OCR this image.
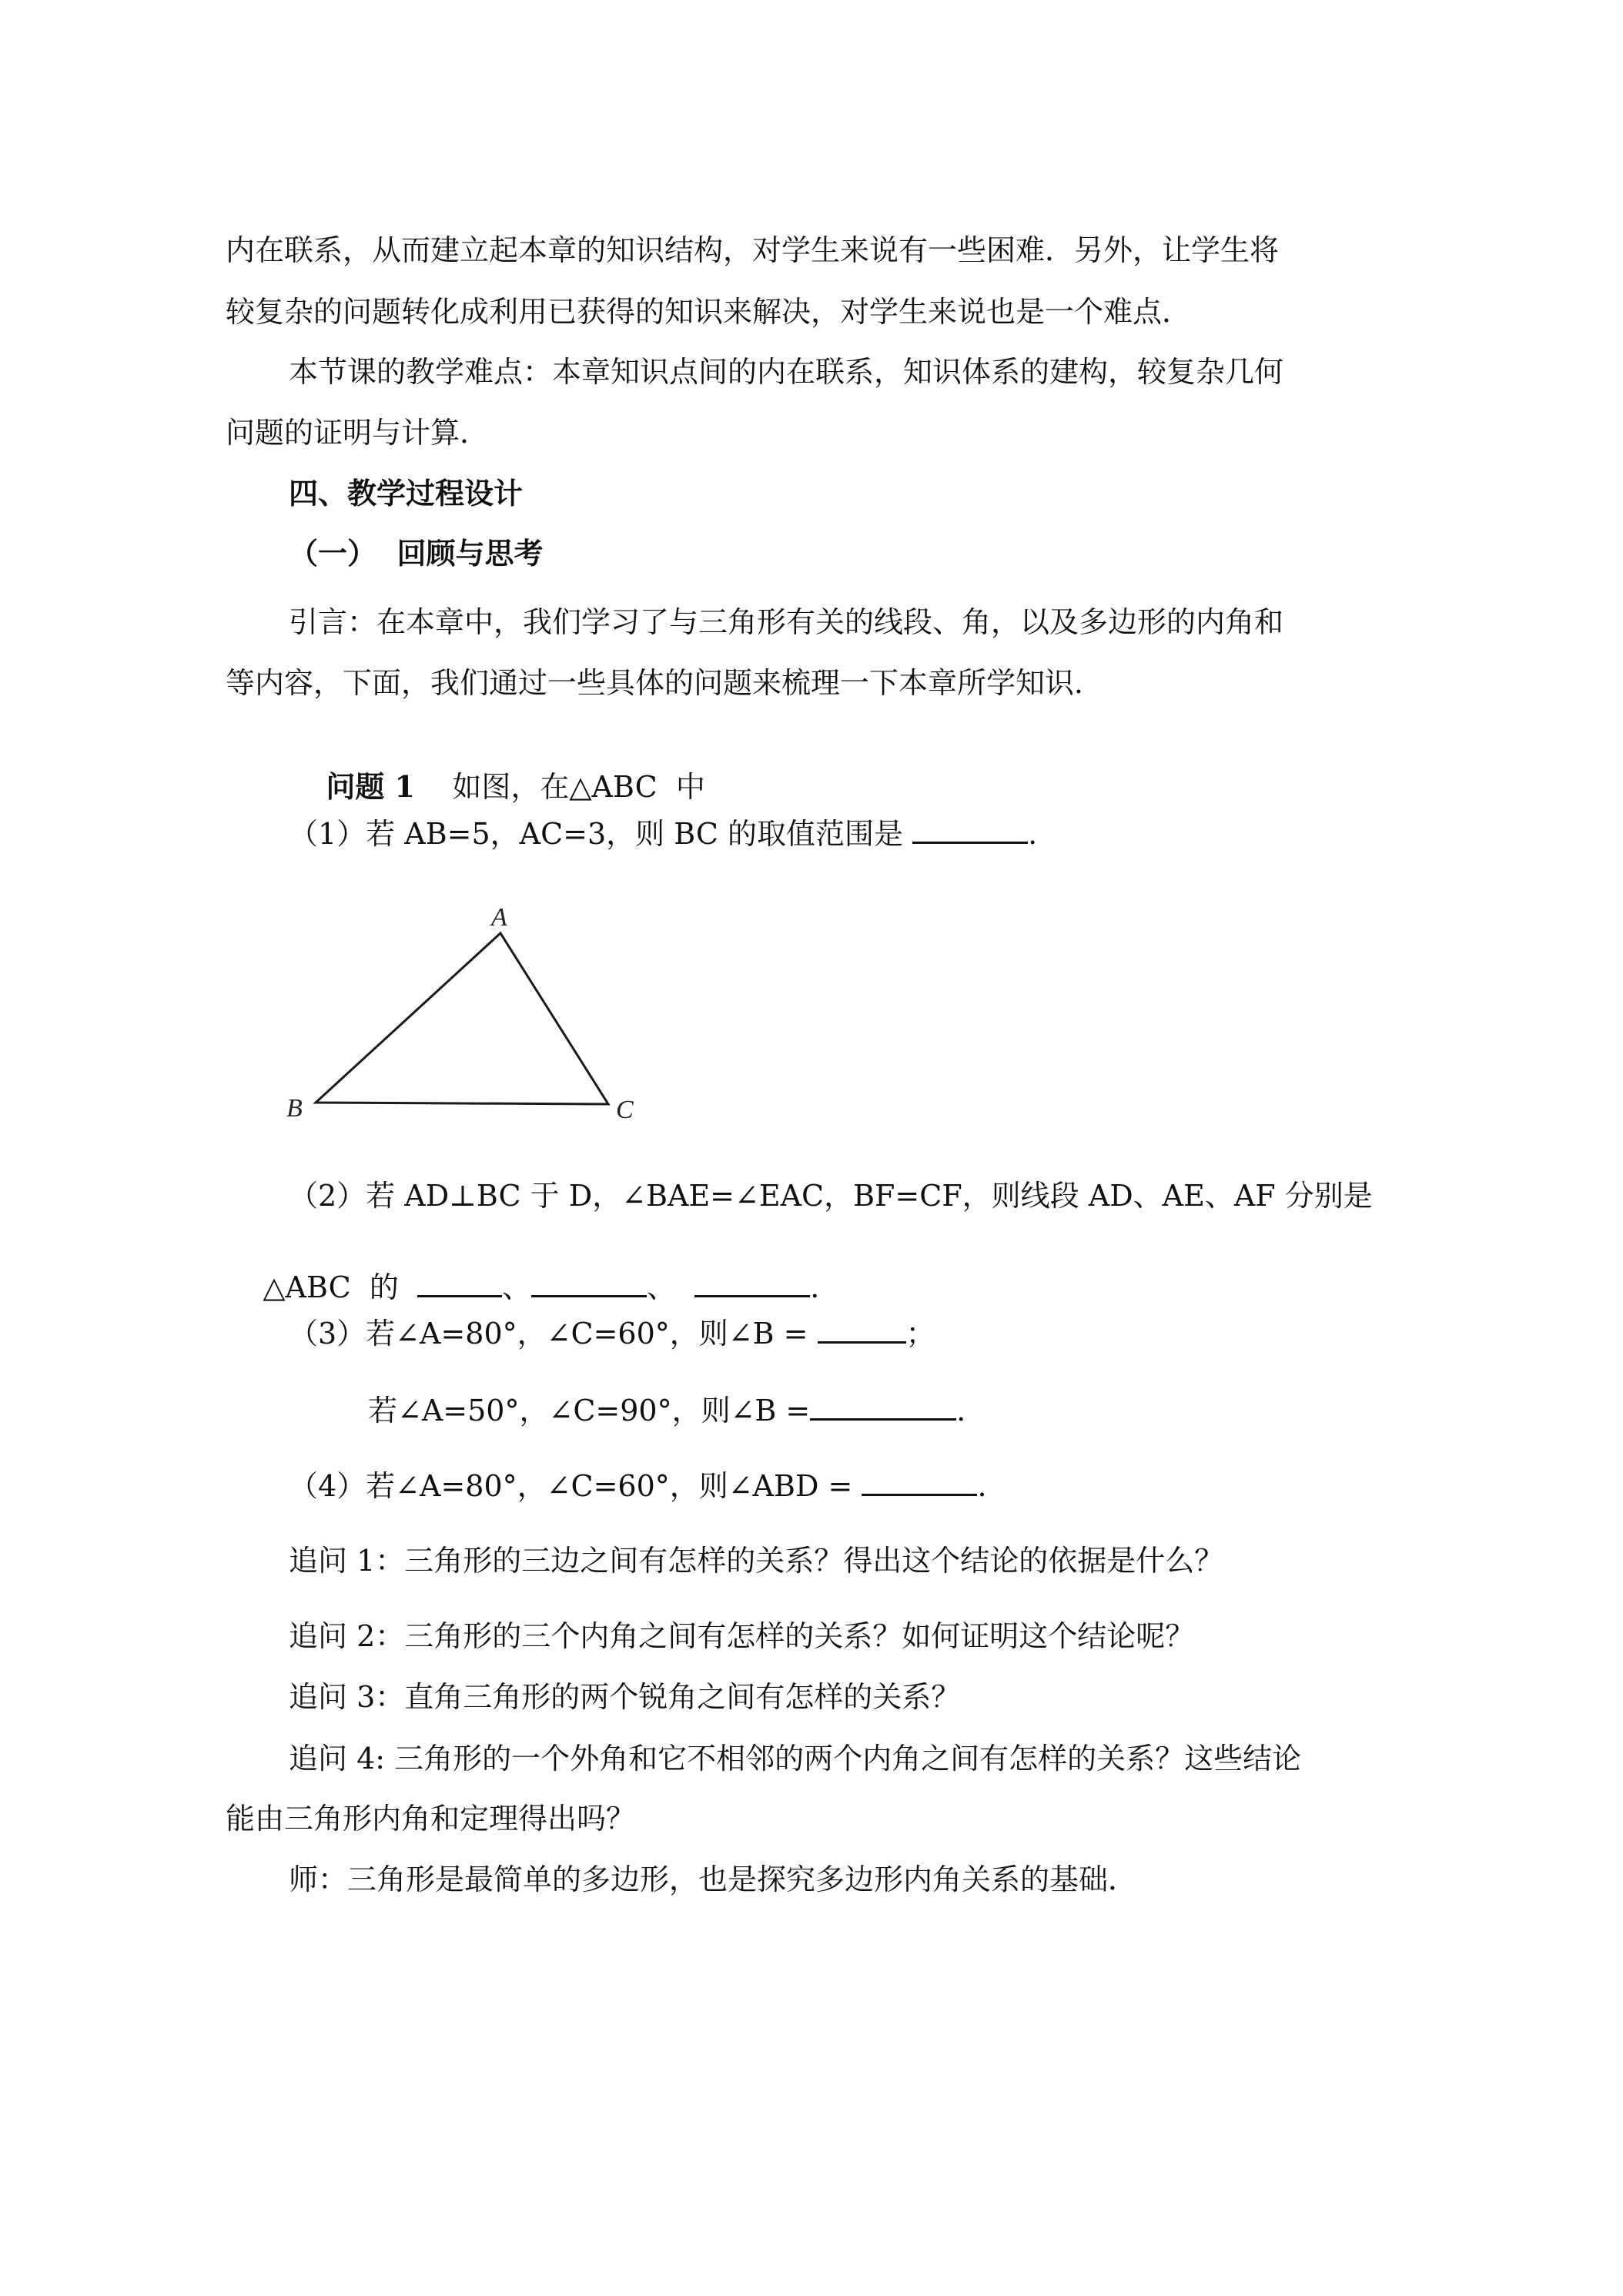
内在联系，从而建立起本章的知识结构，对学生来说有一些困难．另外，让学生将
较复杂的问题转化成利用已获得的知识来解决，对学生来说也是一个难点．
本节课的教学难点：本章知识点间的内在联系，知识体系的建构，较复杂几何
问题的证明与计算．
四、教学过程设计
（一）  回顾与思考
引言：在本章中，我们学习了与三角形有关的线段、角，以及多边形的内角和
等内容，下面，我们通过一些具体的问题来梳理一下本章所学知识．

问题 1 如图，在△ABC  中

（1）若 AB=5，AC=3，则 BC 的取值范围是	.
A
B	C
（2）若 AD⊥BC 于 D，∠BAE=∠EAC，BF=CF，则线段 AD、AE、AF 分别是

△ABC  的	、	、	.

（3）若∠A=80°，∠C=60°，则∠B =	；
若∠A=50°，∠C=90°，则∠B =	.
（4）若∠A=80°，∠C=60°，则∠ABD =	.
追问 1：三角形的三边之间有怎样的关系？得出这个结论的依据是什么？
追问 2：三角形的三个内角之间有怎样的关系？如何证明这个结论呢？
追问 3：直角三角形的两个锐角之间有怎样的关系？
追问 4: 三角形的一个外角和它不相邻的两个内角之间有怎样的关系？这些结论
能由三角形内角和定理得出吗？
师：三角形是最简单的多边形，也是探究多边形内角关系的基础．
